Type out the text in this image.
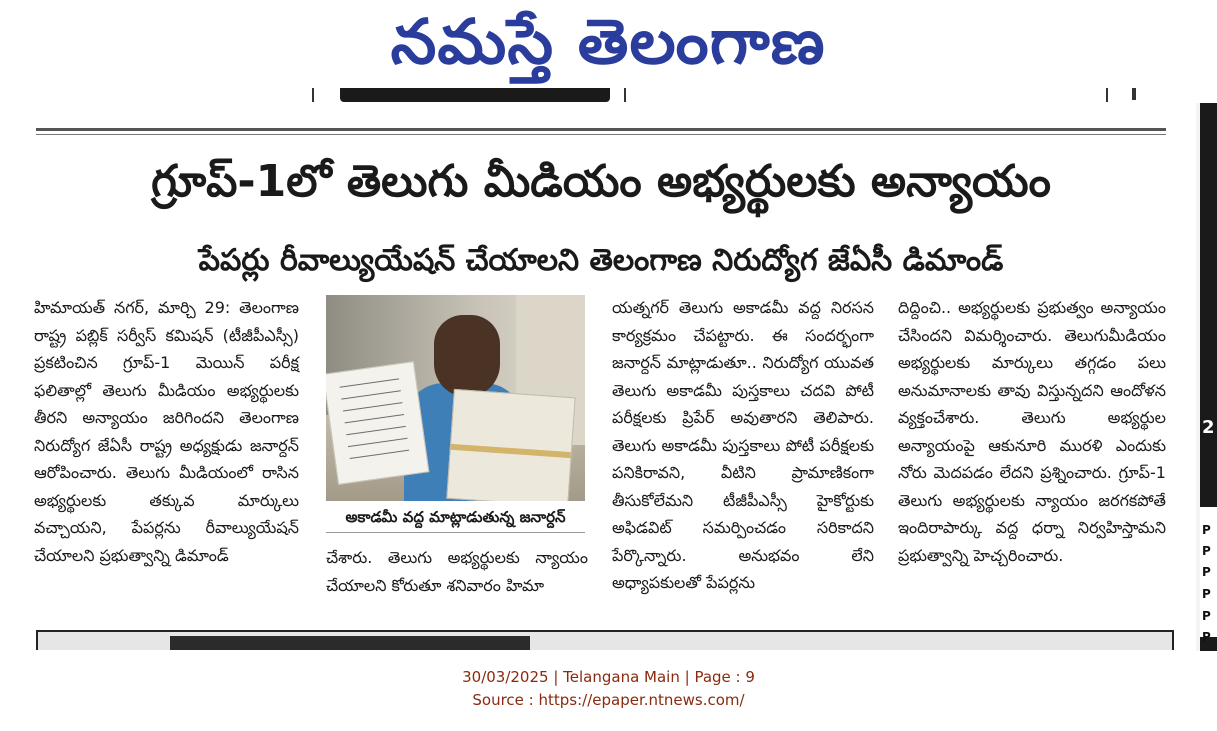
నమస్తే తెలంగాణ
గ్రూప్-1లో తెలుగు మీడియం అభ్యర్థులకు అన్యాయం
పేపర్లు రీవాల్యుయేషన్ చేయాలని తెలంగాణ నిరుద్యోగ జేఏసీ డిమాండ్

హిమాయత్ నగర్, మార్చి 29: తెలంగాణ రాష్ట్ర పబ్లిక్ సర్వీస్ కమిషన్ (టీజీపీఎస్సీ) ప్రకటించిన గ్రూప్-1 మెయిన్ పరీక్ష ఫలితాల్లో తెలుగు మీడియం అభ్యర్థులకు తీరని అన్యాయం జరిగిందని తెలంగాణ నిరుద్యోగ జేఏసీ రాష్ట్ర అధ్యక్షుడు జనార్దన్ ఆరోపించారు. తెలుగు మీడియంలో రాసిన అభ్యర్థులకు తక్కువ మార్కులు వచ్చాయని, పేపర్లను రీవాల్యుయేషన్ చేయాలని ప్రభుత్వాన్ని డిమాండ్

అకాడమీ వద్ద మాట్లాడుతున్న జనార్దన్

చేశారు. తెలుగు అభ్యర్థులకు న్యాయం చేయాలని కోరుతూ శనివారం హిమా

యత్నగర్ తెలుగు అకాడమీ వద్ద నిరసన కార్యక్రమం చేపట్టారు. ఈ సందర్భంగా జనార్దన్ మాట్లాడుతూ.. నిరుద్యోగ యువత తెలుగు అకాడమీ పుస్తకాలు చదవి పోటీ పరీక్షలకు ప్రిపేర్ అవుతారని తెలిపారు. తెలుగు అకాడమీ పుస్తకాలు పోటీ పరీక్షలకు పనికిరావని, వీటిని ప్రామాణికంగా తీసుకోలేమని టీజీపీఎస్సీ హైకోర్టుకు అఫిడవిట్ సమర్పించడం సరికాదని పేర్కొన్నారు. అనుభవం లేని అధ్యాపకులతో పేపర్లను

దిద్దించి.. అభ్యర్థులకు ప్రభుత్వం అన్యాయం చేసిందని విమర్శించారు. తెలుగుమీడియం అభ్యర్థులకు మార్కులు తగ్గడం పలు అనుమానాలకు తావు విస్తున్నదని ఆందోళన వ్యక్తంచేశారు. తెలుగు అభ్యర్థుల అన్యాయంపై ఆకునూరి మురళి ఎందుకు నోరు మెదపడం లేదని ప్రశ్నించారు. గ్రూప్-1 తెలుగు అభ్యర్థులకు న్యాయం జరగకపోతే ఇందిరాపార్కు వద్ద ధర్నా నిర్వహిస్తామని ప్రభుత్వాన్ని హెచ్చరించారు.

2
P
P
P
P
P
P
30/03/2025 | Telangana Main | Page : 9
Source : https://epaper.ntnews.com/
